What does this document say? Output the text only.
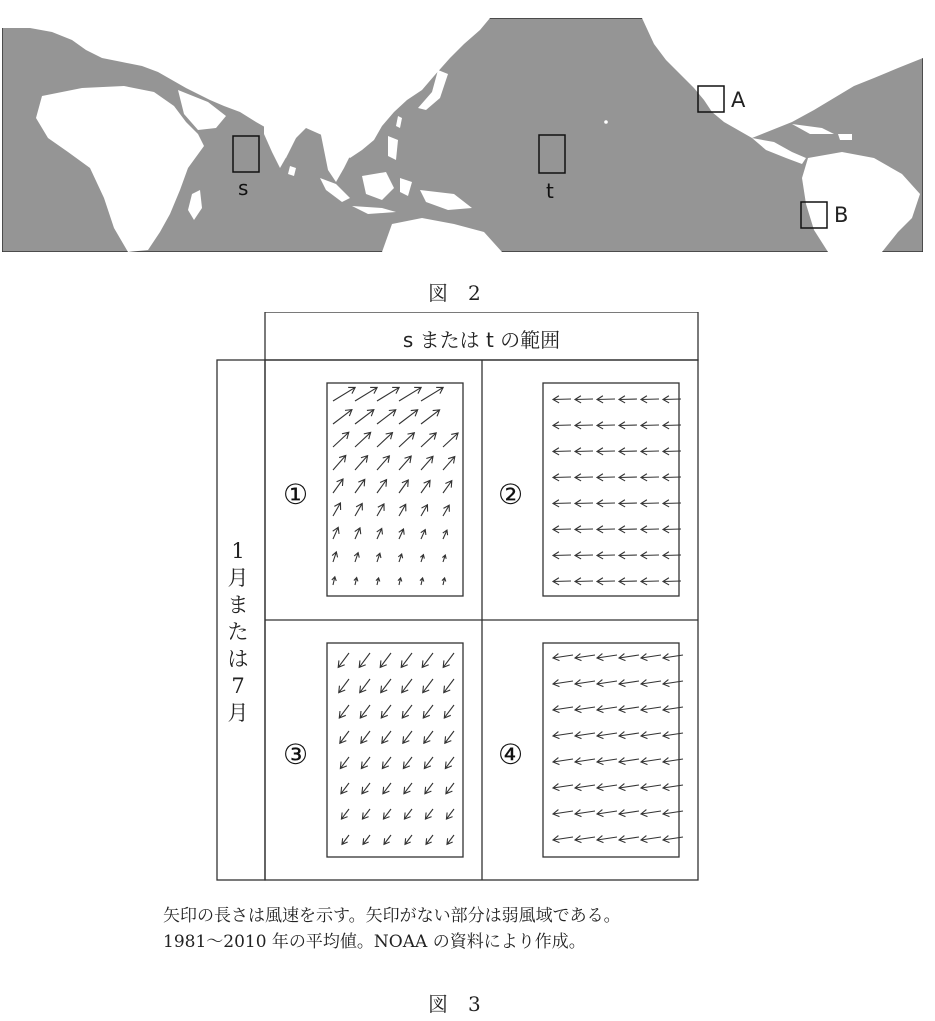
s	t
A
B
図　2
s または t の範囲
1
月
ま
た
は
7
月
①	②
③	④
矢印の長さは風速を示す。矢印がない部分は弱風域である。
1981～2010 年の平均値。NOAA の資料により作成。
図　3
